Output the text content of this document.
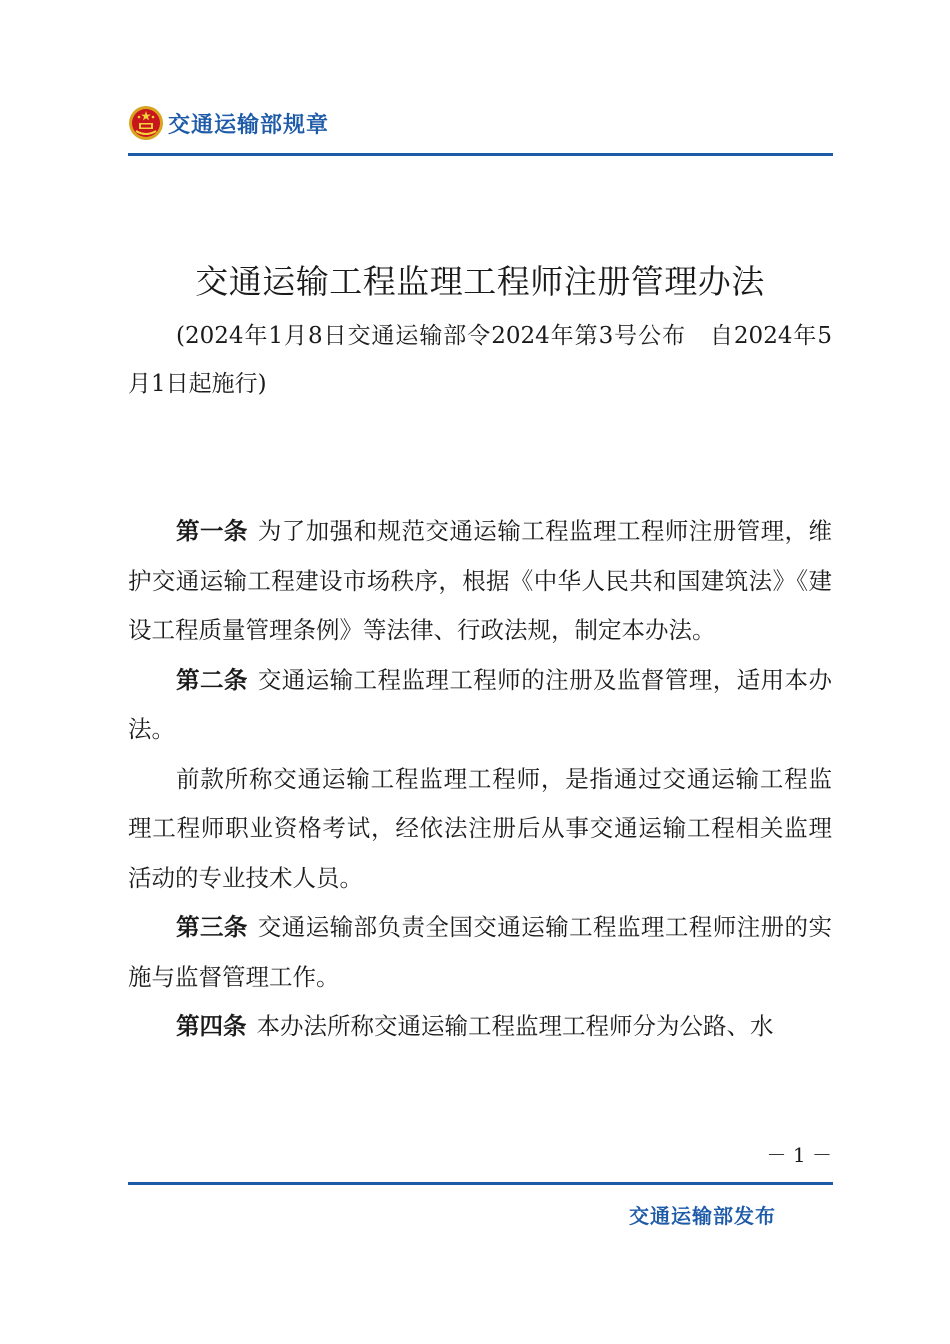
交通运输部规章
交通运输工程监理工程师注册管理办法
(2024年1月8日交通运输部令2024年第3号公布　自2024年5月1日起施行)

第一条 为了加强和规范交通运输工程监理工程师注册管理，维护交通运输工程建设市场秩序，根据《中华人民共和国建筑法》《建设工程质量管理条例》等法律、行政法规，制定本办法。

第二条 交通运输工程监理工程师的注册及监督管理，适用本办法。

前款所称交通运输工程监理工程师，是指通过交通运输工程监理工程师职业资格考试，经依法注册后从事交通运输工程相关监理活动的专业技术人员。

第三条 交通运输部负责全国交通运输工程监理工程师注册的实施与监督管理工作。

第四条 本办法所称交通运输工程监理工程师分为公路、水

－ 1 －
交通运输部发布
